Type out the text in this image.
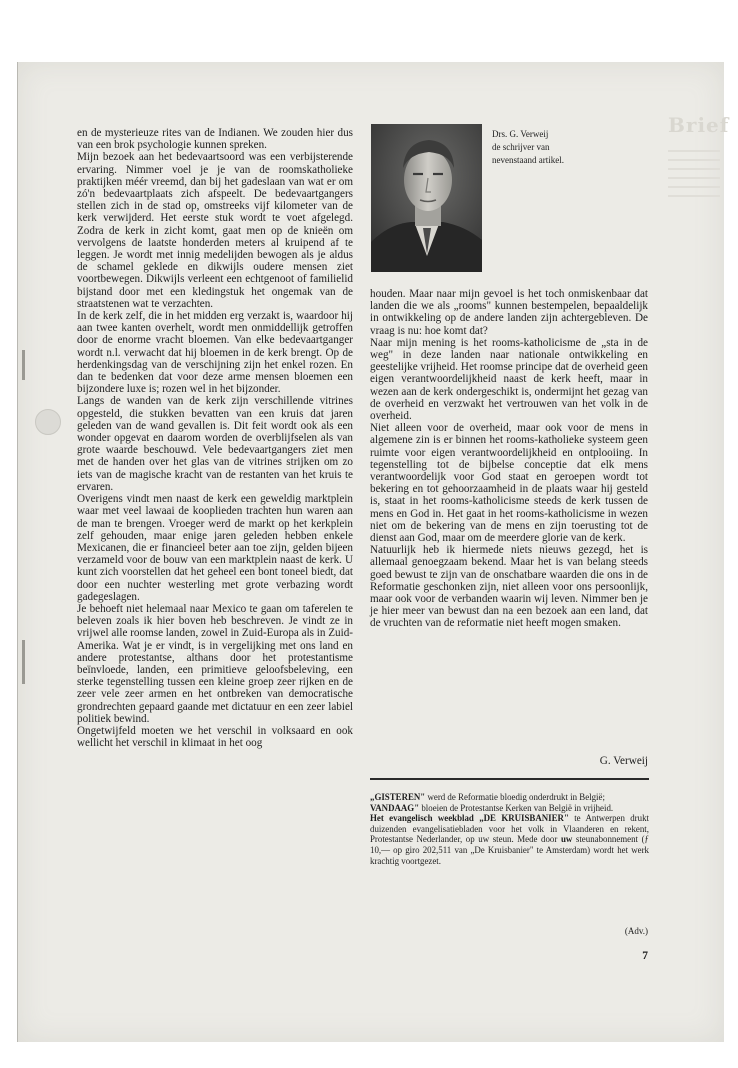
Brief

en de mysterieuze rites van de Indianen. We zouden hier dus van een brok psychologie kunnen spreken.

Mijn bezoek aan het bedevaartsoord was een verbijsterende ervaring. Nimmer voel je je van de roomskatholieke praktijken méér vreemd, dan bij het gadeslaan van wat er om zó'n bedevaartplaats zich afspeelt. De bedevaartgangers stellen zich in de stad op, omstreeks vijf kilometer van de kerk verwijderd. Het eerste stuk wordt te voet afgelegd. Zodra de kerk in zicht komt, gaat men op de knieën om vervolgens de laatste honderden meters al kruipend af te leggen. Je wordt met innig medelijden bewogen als je aldus de schamel geklede en dikwijls oudere mensen ziet voortbewegen. Dikwijls verleent een echtgenoot of familielid bijstand door met een kledingstuk het ongemak van de straatstenen wat te verzachten.

In de kerk zelf, die in het midden erg verzakt is, waardoor hij aan twee kanten overhelt, wordt men onmiddellijk getroffen door de enorme vracht bloemen. Van elke bedevaartganger wordt n.l. verwacht dat hij bloemen in de kerk brengt. Op de herdenkingsdag van de verschijning zijn het enkel rozen. En dan te bedenken dat voor deze arme mensen bloemen een bijzondere luxe is; rozen wel in het bijzonder.

Langs de wanden van de kerk zijn verschillende vitrines opgesteld, die stukken bevatten van een kruis dat jaren geleden van de wand gevallen is. Dit feit wordt ook als een wonder opgevat en daarom worden de overblijfselen als van grote waarde beschouwd. Vele bedevaartgangers ziet men met de handen over het glas van de vitrines strijken om zo iets van de magische kracht van de restanten van het kruis te ervaren.

Overigens vindt men naast de kerk een geweldig marktplein waar met veel lawaai de kooplieden trachten hun waren aan de man te brengen. Vroeger werd de markt op het kerkplein zelf gehouden, maar enige jaren geleden hebben enkele Mexicanen, die er financieel beter aan toe zijn, gelden bijeen verzameld voor de bouw van een marktplein naast de kerk. U kunt zich voorstellen dat het geheel een bont toneel biedt, dat door een nuchter westerling met grote verbazing wordt gadegeslagen.

Je behoeft niet helemaal naar Mexico te gaan om taferelen te beleven zoals ik hier boven heb beschreven. Je vindt ze in vrijwel alle roomse landen, zowel in Zuid-Europa als in Zuid-Amerika. Wat je er vindt, is in vergelijking met ons land en andere protestantse, althans door het protestantisme beïnvloede, landen, een primitieve geloofsbeleving, een sterke tegenstelling tussen een kleine groep zeer rijken en de zeer vele zeer armen en het ontbreken van democratische grondrechten gepaard gaande met dictatuur en een zeer labiel politiek bewind.

Ongetwijfeld moeten we het verschil in volksaard en ook wellicht het verschil in klimaat in het oog

Drs. G. Verweij
de schrijver van
nevenstaand artikel.

houden. Maar naar mijn gevoel is het toch onmiskenbaar dat landen die we als „rooms" kunnen bestempelen, bepaaldelijk in ontwikkeling op de andere landen zijn achtergebleven. De vraag is nu: hoe komt dat?

Naar mijn mening is het rooms-katholicisme de „sta in de weg" in deze landen naar nationale ontwikkeling en geestelijke vrijheid. Het roomse principe dat de overheid geen eigen verantwoordelijkheid naast de kerk heeft, maar in wezen aan de kerk ondergeschikt is, ondermijnt het gezag van de overheid en verzwakt het vertrouwen van het volk in de overheid.

Niet alleen voor de overheid, maar ook voor de mens in algemene zin is er binnen het rooms-katholieke systeem geen ruimte voor eigen verantwoordelijkheid en ontplooiing. In tegenstelling tot de bijbelse conceptie dat elk mens verantwoordelijk voor God staat en geroepen wordt tot bekering en tot gehoorzaamheid in de plaats waar hij gesteld is, staat in het rooms-katholicisme steeds de kerk tussen de mens en God in. Het gaat in het rooms-katholicisme in wezen niet om de bekering van de mens en zijn toerusting tot de dienst aan God, maar om de meerdere glorie van de kerk.

Natuurlijk heb ik hiermede niets nieuws gezegd, het is allemaal genoegzaam bekend. Maar het is van belang steeds goed bewust te zijn van de onschatbare waarden die ons in de Reformatie geschonken zijn, niet alleen voor ons persoonlijk, maar ook voor de verbanden waarin wij leven. Nimmer ben je je hier meer van bewust dan na een bezoek aan een land, dat de vruchten van de reformatie niet heeft mogen smaken.

G. Verweij

„GISTEREN" werd de Reformatie bloedig onderdrukt in België;

VANDAAG" bloeien de Protestantse Kerken van België in vrijheid.

Het evangelisch weekblad „DE KRUISBANIER" te Antwerpen drukt duizenden evangelisatiebladen voor het volk in Vlaanderen en rekent, Protestantse Nederlander, op uw steun. Mede door uw steunabonnement (ƒ 10,— op giro 202,511 van „De Kruisbanier" te Amsterdam) wordt het werk krachtig voortgezet.

(Adv.)
7
